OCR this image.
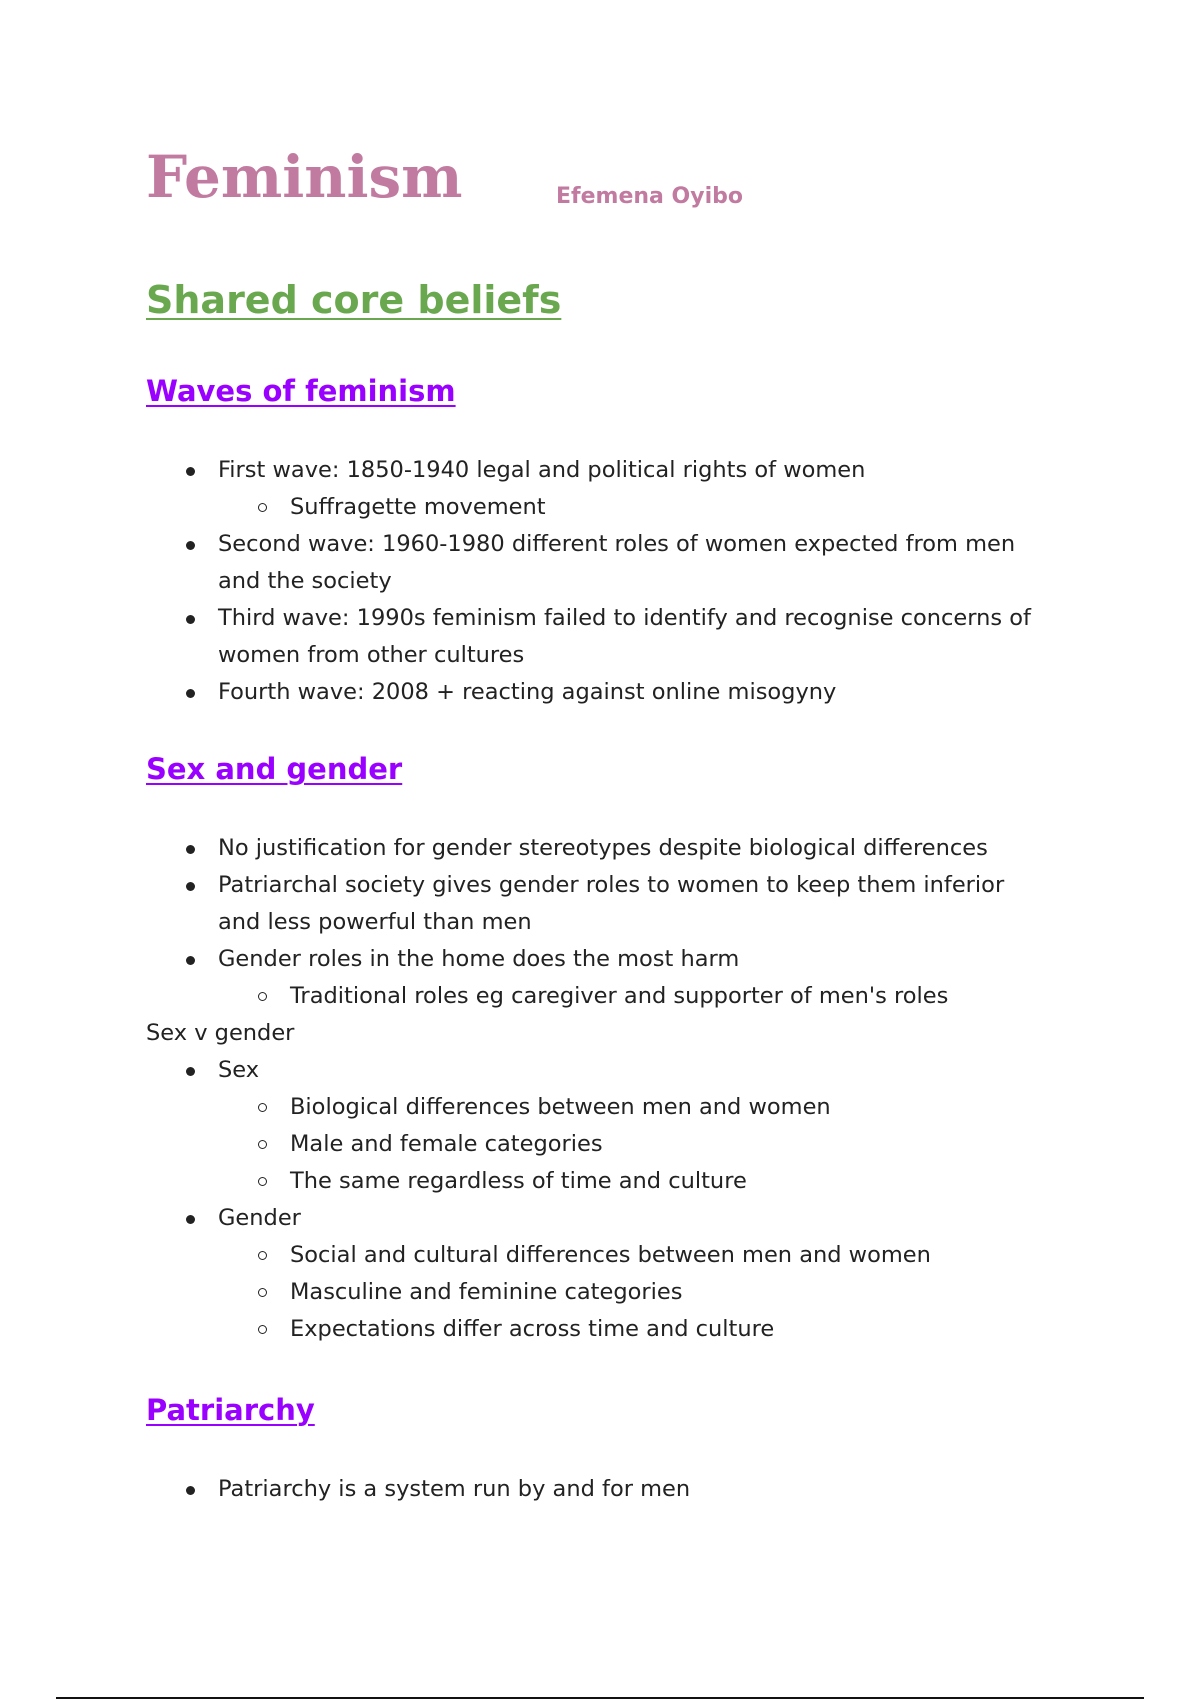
Feminism	Efemena Oyibo
Shared core beliefs
Waves of feminism
First wave: 1850-1940 legal and political rights of women
Suffragette movement
Second wave: 1960-1980 different roles of women expected from men
and the society
Third wave: 1990s feminism failed to identify and recognise concerns of
women from other cultures
Fourth wave: 2008 + reacting against online misogyny
Sex and gender
No justification for gender stereotypes despite biological differences
Patriarchal society gives gender roles to women to keep them inferior
and less powerful than men
Gender roles in the home does the most harm
Traditional roles eg caregiver and supporter of men's roles
Sex v gender
Sex
Biological differences between men and women
Male and female categories
The same regardless of time and culture
Gender
Social and cultural differences between men and women
Masculine and feminine categories
Expectations differ across time and culture
Patriarchy
Patriarchy is a system run by and for men
